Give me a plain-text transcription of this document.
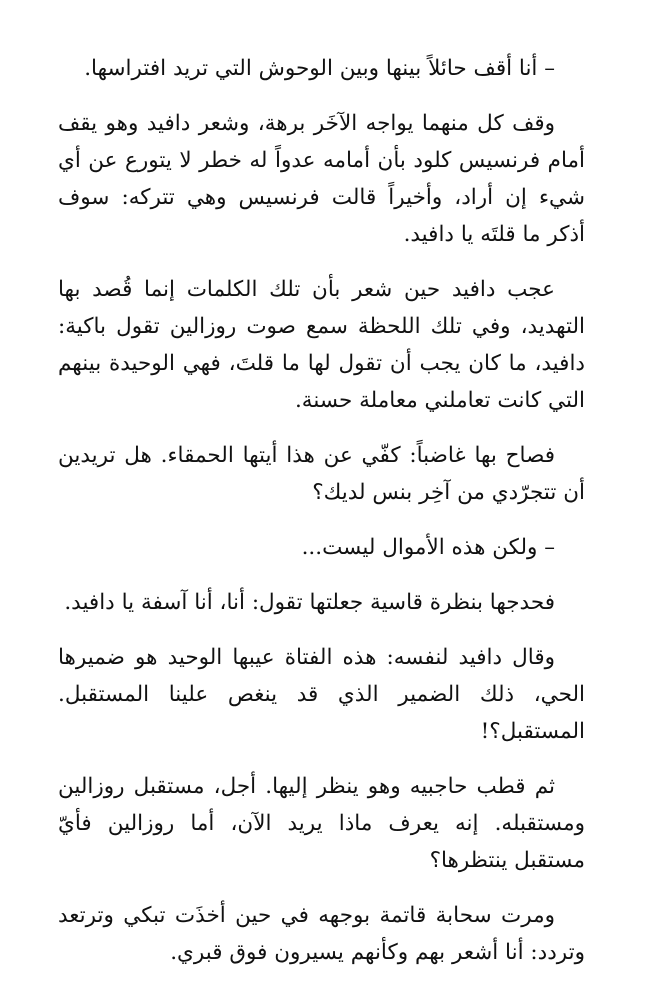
– أنا أقف حائلاً بينها وبين الوحوش التي تريد افتراسها.

وقف كل منهما يواجه الآخَر برهة، وشعر دافيد وهو يقف أمام فرنسيس كلود بأن أمامه عدواً له خطر لا يتورع عن أي شيء إن أراد، وأخيراً قالت فرنسيس وهي تتركه: سوف أذكر ما قلتَه يا دافيد.

عجب دافيد حين شعر بأن تلك الكلمات إنما قُصد بها التهديد، وفي تلك اللحظة سمع صوت روزالين تقول باكية: دافيد، ما كان يجب أن تقول لها ما قلتَ، فهي الوحيدة بينهم التي كانت تعاملني معاملة حسنة.

فصاح بها غاضباً: كفّي عن هذا أيتها الحمقاء. هل تريدين أن تتجرّدي من آخِر بنس لديك؟

– ولكن هذه الأموال ليست...

فحدجها بنظرة قاسية جعلتها تقول: أنا، أنا آسفة يا دافيد.

وقال دافيد لنفسه: هذه الفتاة عيبها الوحيد هو ضميرها الحي، ذلك الضمير الذي قد ينغص علينا المستقبل. المستقبل؟!

ثم قطب حاجبيه وهو ينظر إليها. أجل، مستقبل روزالين ومستقبله. إنه يعرف ماذا يريد الآن، أما روزالين فأيّ مستقبل ينتظرها؟

ومرت سحابة قاتمة بوجهه في حين أخذَت تبكي وترتعد وتردد: أنا أشعر بهم وكأنهم يسيرون فوق قبري.
